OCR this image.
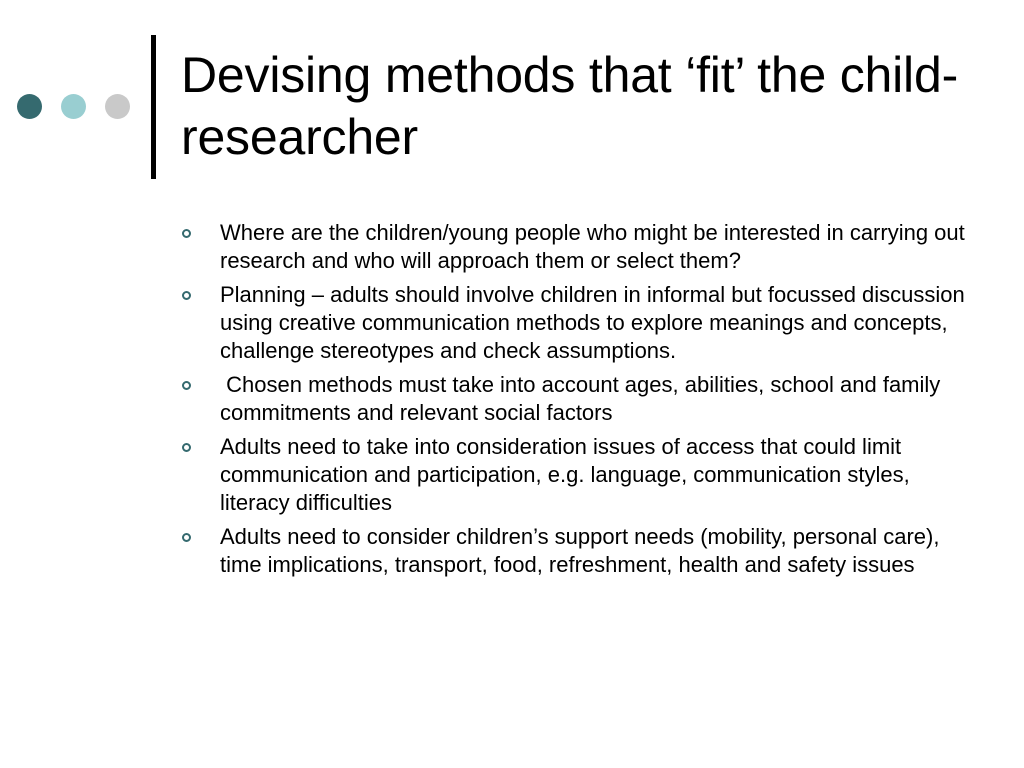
Devising methods that ‘fit’ the child-researcher
Where are the children/young people who might be interested in carrying out research and who will approach them or select them?
Planning – adults should involve children in informal but focussed discussion using creative communication methods to explore meanings and concepts, challenge stereotypes and check assumptions.
Chosen methods must take into account ages, abilities, school and family commitments and relevant social factors
Adults need to take into consideration issues of access that could limit communication and participation, e.g. language, communication styles, literacy difficulties
Adults need to consider children’s support needs (mobility, personal care), time implications, transport, food, refreshment, health and safety issues
